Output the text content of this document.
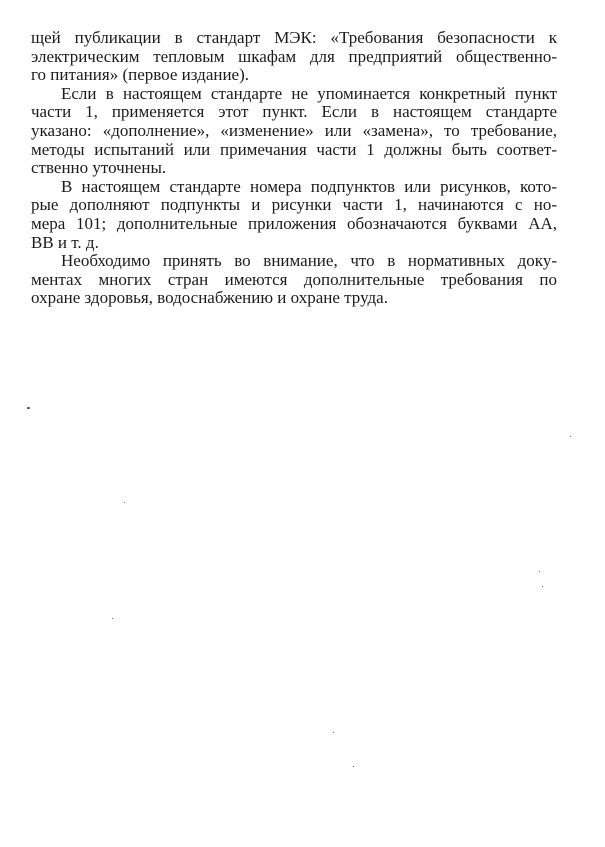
щей публикации в стандарт МЭК: «Требования безопасности к
электрическим тепловым шкафам для предприятий общественно-
го питания» (первое издание).

Если в настоящем стандарте не упоминается конкретный пункт
части 1, применяется этот пункт. Если в настоящем стандарте
указано: «дополнение», «изменение» или «замена», то требование,
методы испытаний или примечания части 1 должны быть соответ-
ственно уточнены.

В настоящем стандарте номера подпунктов или рисунков, кото-
рые дополняют подпункты и рисунки части 1, начинаются с но-
мера 101; дополнительные приложения обозначаются буквами АА,
ВВ и т. д.

Необходимо принять во внимание, что в нормативных доку-
ментах многих стран имеются дополнительные требования по
охране здоровья, водоснабжению и охране труда.
